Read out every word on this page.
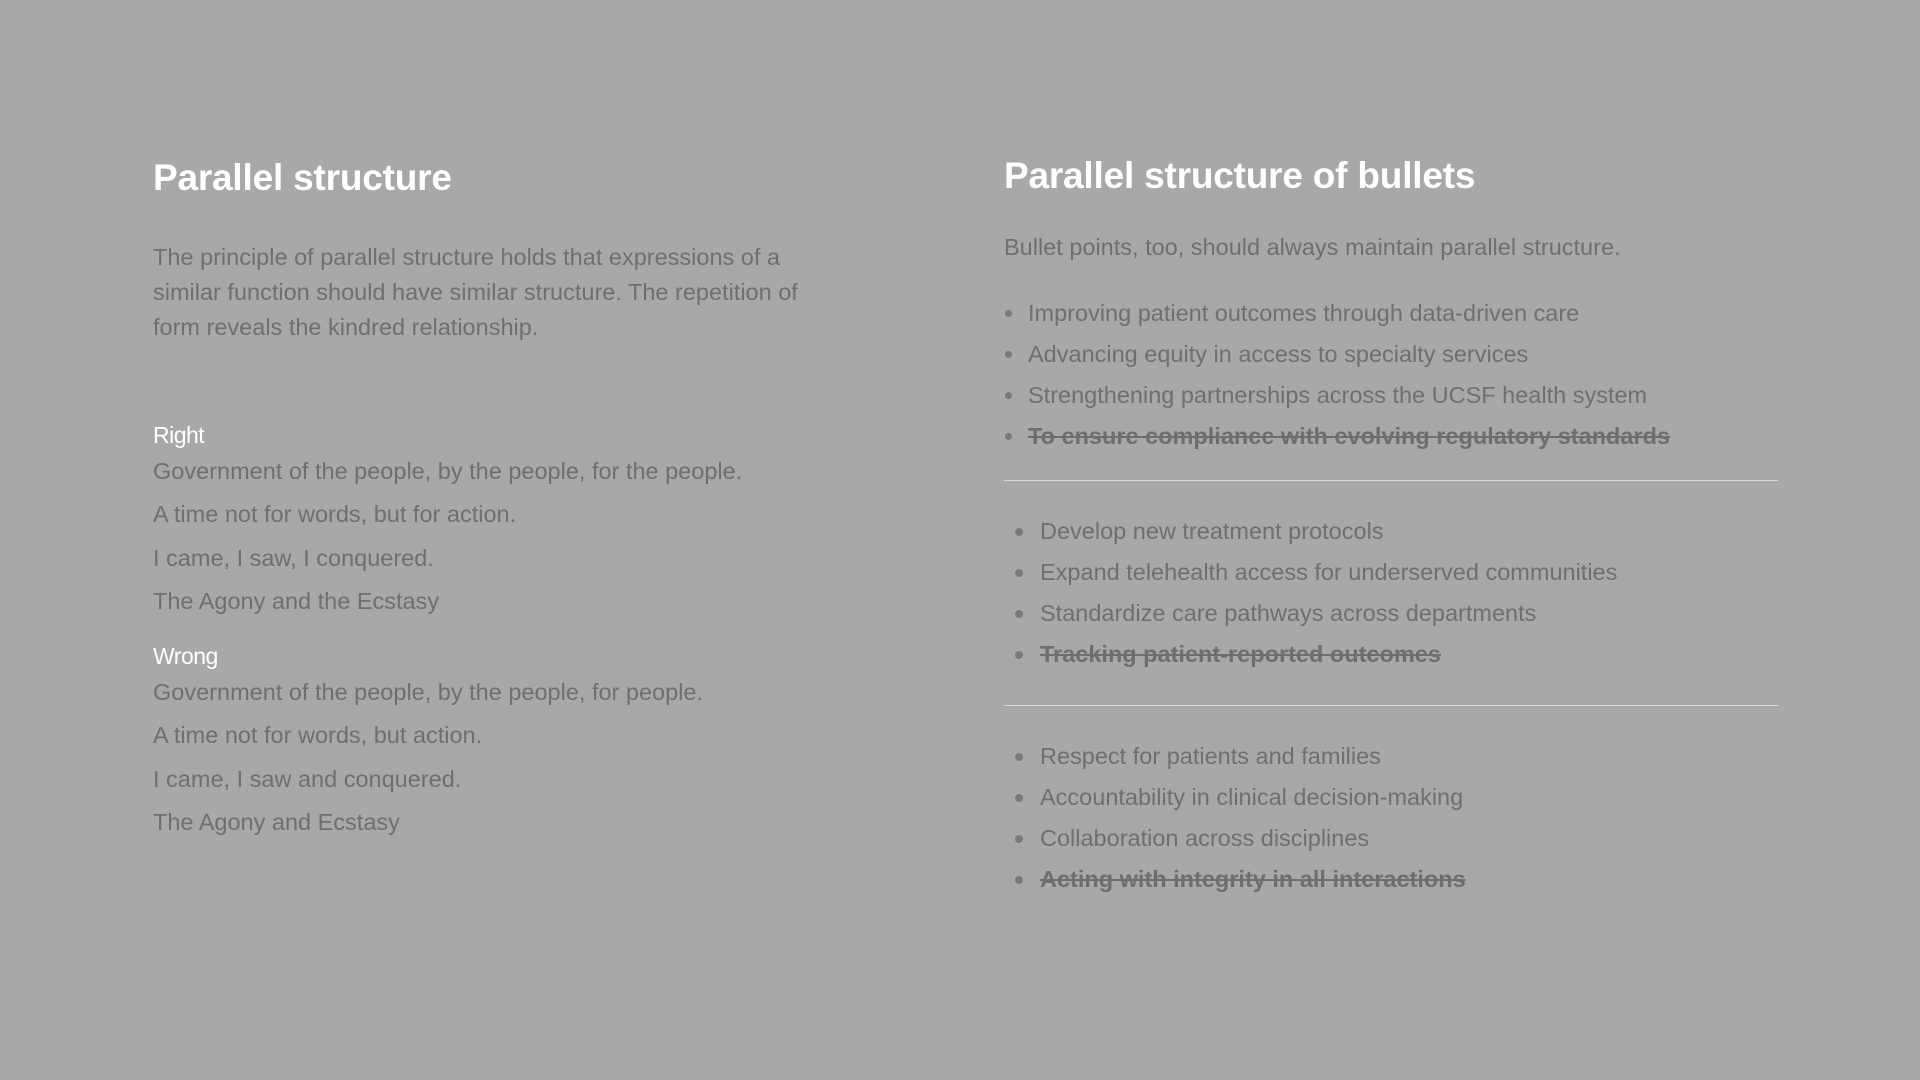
Parallel structure

The principle of parallel structure holds that expressions of a similar function should have similar structure. The repetition of form reveals the kindred relationship.

Right
Government of the people, by the people, for the people.
A time not for words, but for action.
I came, I saw, I conquered.
The Agony and the Ecstasy
Wrong
Government of the people, by the people, for people.
A time not for words, but action.
I came, I saw and conquered.
The Agony and Ecstasy
Parallel structure of bullets

Bullet points, too, should always maintain parallel structure.

Improving patient outcomes through data-driven care
Advancing equity in access to specialty services
Strengthening partnerships across the UCSF health system
To ensure compliance with evolving regulatory standards
Develop new treatment protocols
Expand telehealth access for underserved communities
Standardize care pathways across departments
Tracking patient-reported outcomes
Respect for patients and families
Accountability in clinical decision-making
Collaboration across disciplines
Acting with integrity in all interactions
